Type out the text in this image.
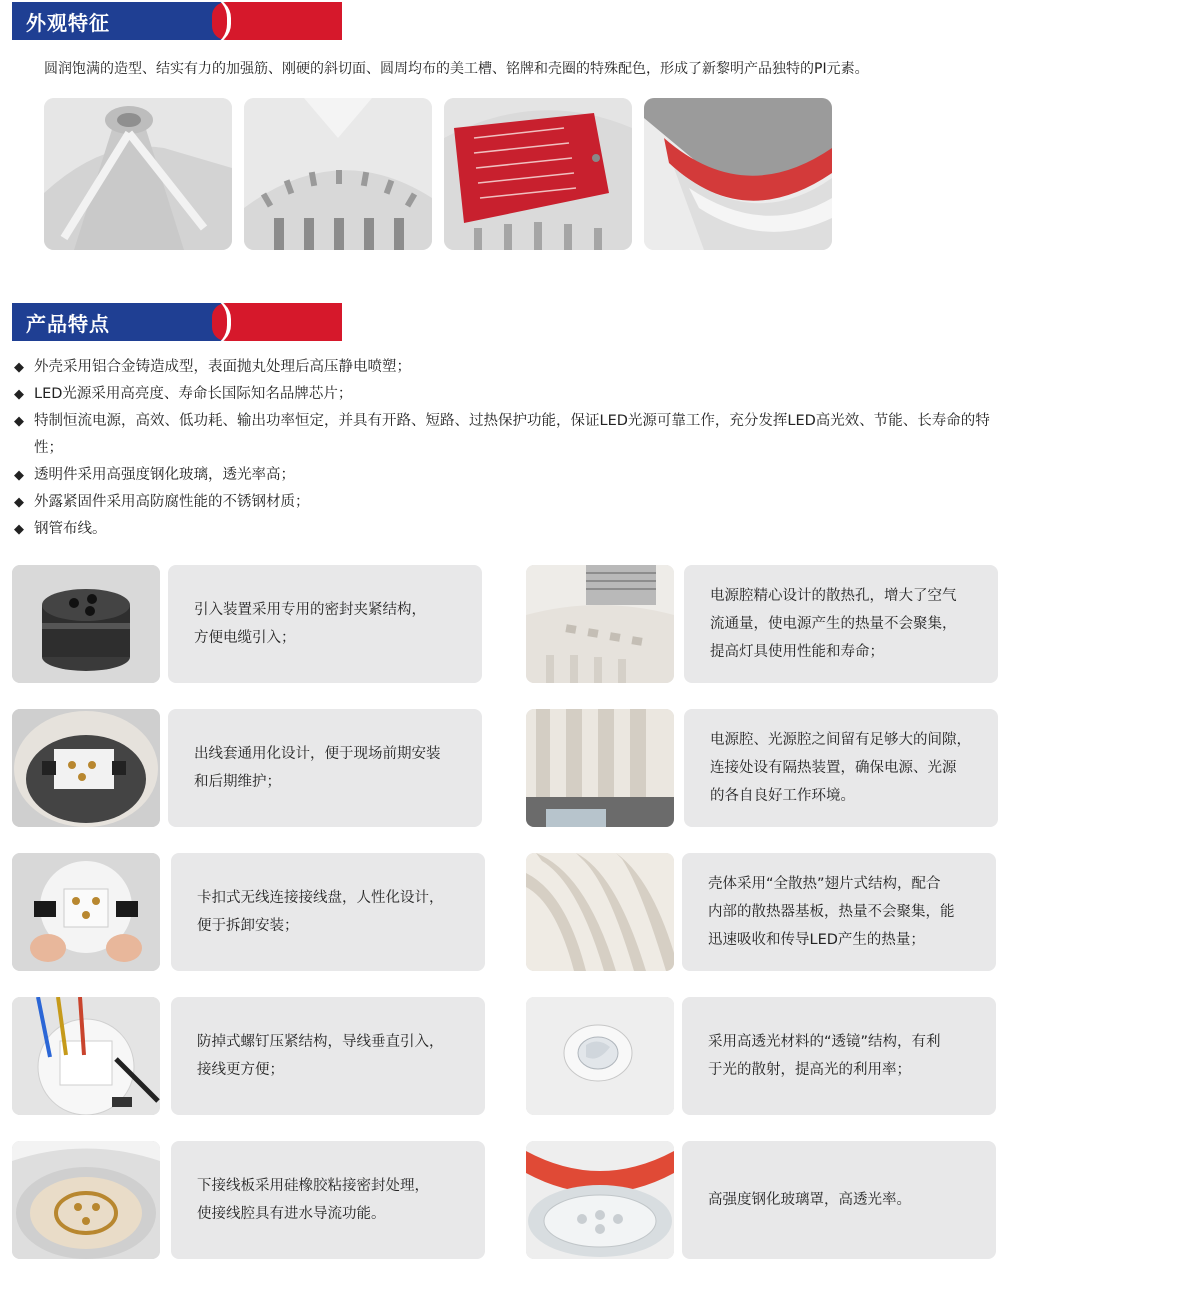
外观特征
圆润饱满的造型、结实有力的加强筋、刚硬的斜切面、圆周均布的美工槽、铭牌和壳圈的特殊配色，形成了新黎明产品独特的PI元素。
产品特点
◆ 外壳采用铝合金铸造成型，表面抛丸处理后高压静电喷塑；
◆ LED光源采用高亮度、寿命长国际知名品牌芯片；
◆ 特制恒流电源，高效、低功耗、输出功率恒定，并具有开路、短路、过热保护功能，保证LED光源可靠工作，充分发挥LED高光效、节能、长寿命的特性；
◆ 透明件采用高强度钢化玻璃，透光率高；
◆ 外露紧固件采用高防腐性能的不锈钢材质；
◆ 钢管布线。
引入装置采用专用的密封夹紧结构，
方便电缆引入；
电源腔精心设计的散热孔，增大了空气
流通量，使电源产生的热量不会聚集，
提高灯具使用性能和寿命；
出线套通用化设计，便于现场前期安装
和后期维护；
电源腔、光源腔之间留有足够大的间隙，
连接处设有隔热装置，确保电源、光源
的各自良好工作环境。
卡扣式无线连接接线盘，人性化设计，
便于拆卸安装；
壳体采用“全散热”翅片式结构，配合
内部的散热器基板，热量不会聚集，能
迅速吸收和传导LED产生的热量；
防掉式螺钉压紧结构，导线垂直引入，
接线更方便；
采用高透光材料的“透镜”结构，有利
于光的散射，提高光的利用率；
下接线板采用硅橡胶粘接密封处理，
使接线腔具有进水导流功能。
高强度钢化玻璃罩，高透光率。
